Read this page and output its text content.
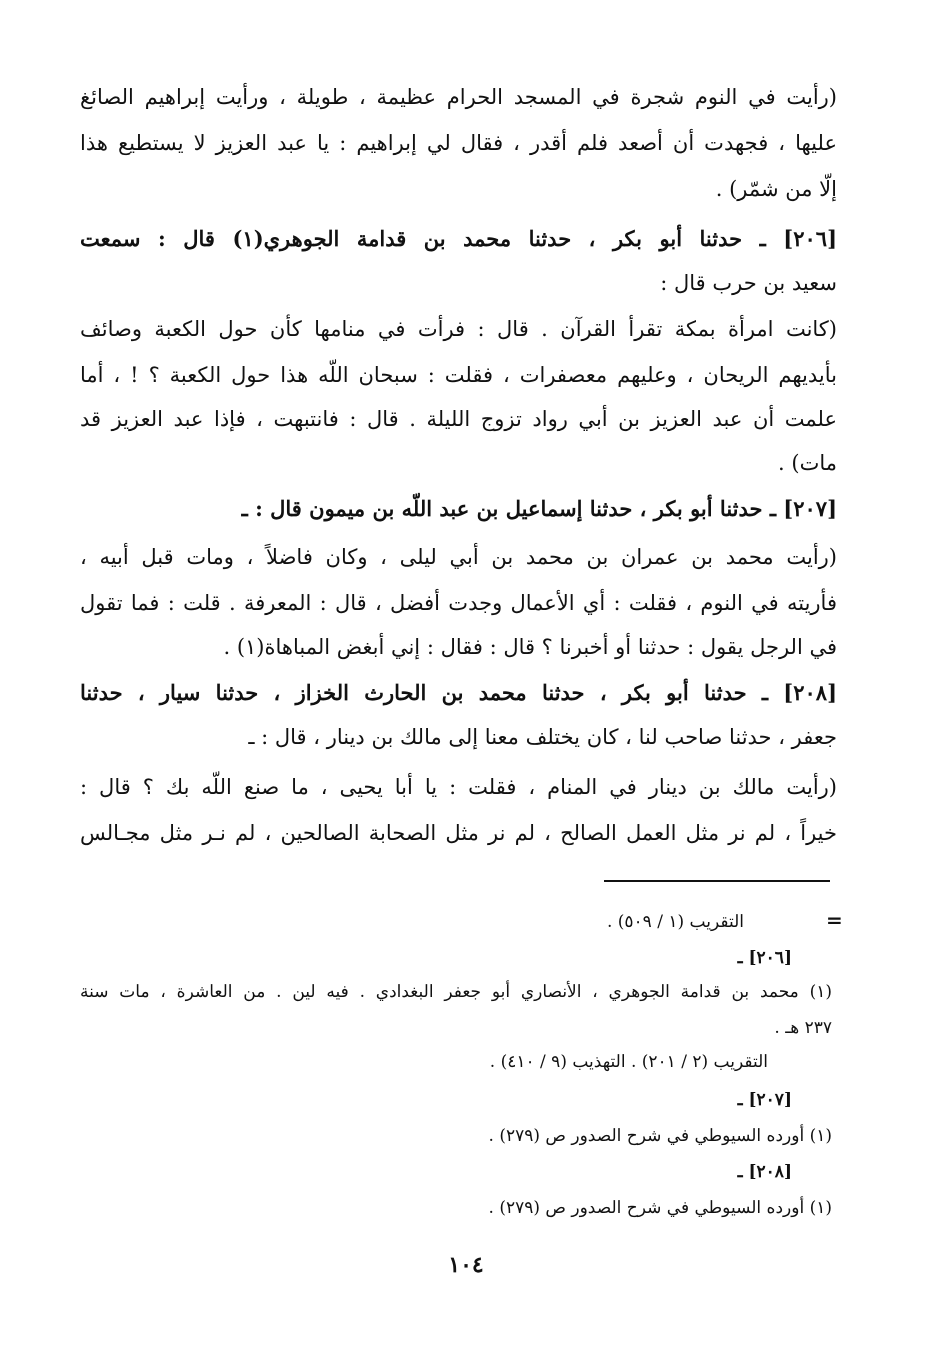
(رأيت في النوم شجرة في المسجد الحرام عظيمة ، طويلة ، ورأيت إبراهيم الصائغ
عليها ، فجهدت أن أصعد فلم أقدر ، فقال لي إبراهيم : يا عبد العزيز لا يستطيع هذا
إلّا من شمّر) .
[٢٠٦] ـ حدثنا أبو بكر ، حدثنا محمد بن قدامة الجوهري(١) قال : سمعت
سعيد بن حرب قال :
(كانت امرأة بمكة تقرأ القرآن . قال : فرأت في منامها كأن حول الكعبة وصائف
بأيديهم الريحان ، وعليهم معصفرات ، فقلت : سبحان اللّه هذا حول الكعبة ؟ ! ، أما
علمت أن عبد العزيز بن أبي رواد تزوج الليلة . قال : فانتبهت ، فإذا عبد العزيز قد
مات) .
[٢٠٧] ـ حدثنا أبو بكر ، حدثنا إسماعيل بن عبد اللّه بن ميمون قال : ـ
(رأيت محمد بن عمران بن محمد بن أبي ليلى ، وكان فاضلاً ، ومات قبل أبيه ،
فأريته في النوم ، فقلت : أي الأعمال وجدت أفضل ، قال : المعرفة . قلت : فما تقول
في الرجل يقول : حدثنا أو أخبرنا ؟ قال : فقال : إني أبغض المباهاة(١) .
[٢٠٨] ـ حدثنا أبو بكر ، حدثنا محمد بن الحارث الخزاز ، حدثنا سيار ، حدثنا
جعفر ، حدثنا صاحب لنا ، كان يختلف معنا إلى مالك بن دينار ، قال : ـ
(رأيت مالك بن دينار في المنام ، فقلت : يا أبا يحيى ، ما صنع اللّه بك ؟ قال :
خيراً ، لم نر مثل العمل الصالح ، لم نر مثل الصحابة الصالحين ، لم نـر مثل مجـالس
=
التقريب (١ / ٥٠٩) .
[٢٠٦] ـ
(١) محمد بن قدامة الجوهري ، الأنصاري أبو جعفر البغدادي . فيه لين . من العاشرة ، مات سنة
٢٣٧ هـ .
التقريب (٢ / ٢٠١) . التهذيب (٩ / ٤١٠) .
[٢٠٧] ـ
(١) أورده السيوطي في شرح الصدور ص (٢٧٩) .
[٢٠٨] ـ
(١) أورده السيوطي في شرح الصدور ص (٢٧٩) .
١٠٤
